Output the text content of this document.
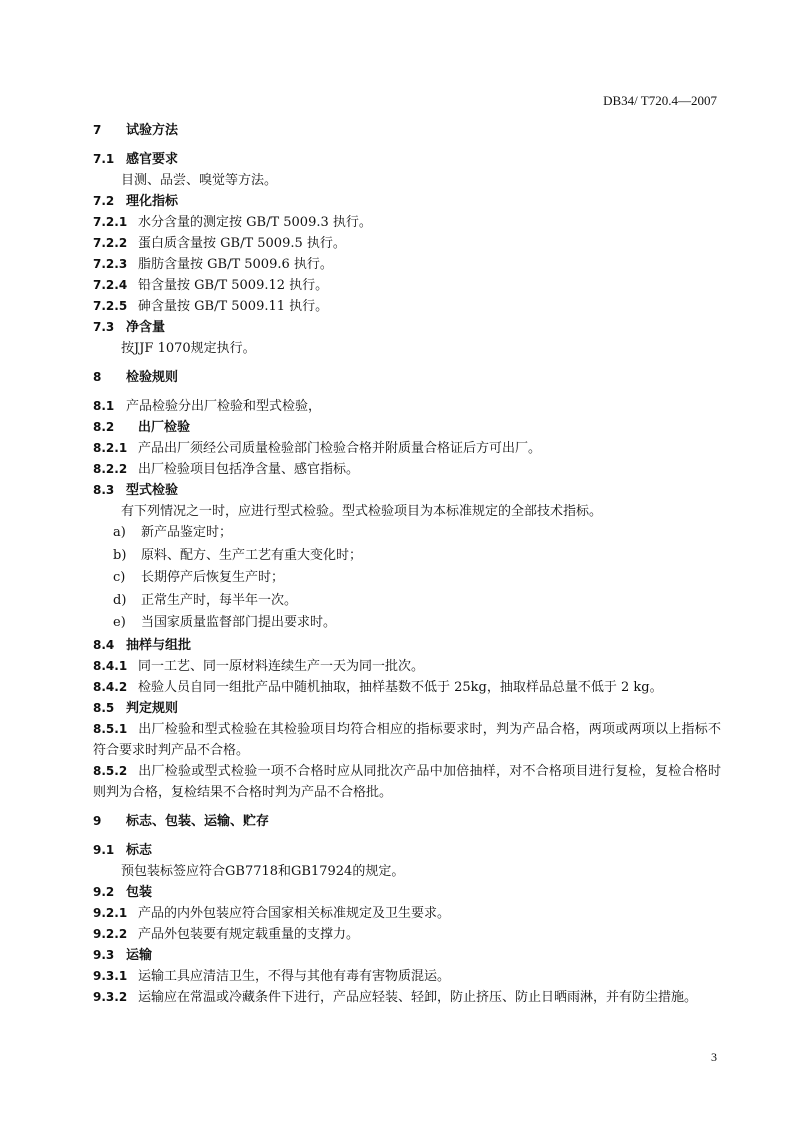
DB34/ T720.4—2007
7 试验方法
7.1 感官要求
目测、品尝、嗅觉等方法。
7.2 理化指标
7.2.1 水分含量的测定按 GB/T 5009.3 执行。
7.2.2 蛋白质含量按 GB/T 5009.5 执行。
7.2.3 脂肪含量按 GB/T 5009.6 执行。
7.2.4 铅含量按 GB/T 5009.12 执行。
7.2.5 砷含量按 GB/T 5009.11 执行。
7.3 净含量
按JJF 1070规定执行。
8 检验规则
8.1 产品检验分出厂检验和型式检验，
8.2 出厂检验
8.2.1 产品出厂须经公司质量检验部门检验合格并附质量合格证后方可出厂。
8.2.2 出厂检验项目包括净含量、感官指标。
8.3 型式检验
有下列情况之一时，应进行型式检验。型式检验项目为本标准规定的全部技术指标。
a) 新产品鉴定时；
b) 原料、配方、生产工艺有重大变化时；
c) 长期停产后恢复生产时；
d) 正常生产时，每半年一次。
e) 当国家质量监督部门提出要求时。
8.4 抽样与组批
8.4.1 同一工艺、同一原材料连续生产一天为同一批次。
8.4.2 检验人员自同一组批产品中随机抽取，抽样基数不低于 25kg，抽取样品总量不低于 2 kg。
8.5 判定规则
8.5.1 出厂检验和型式检验在其检验项目均符合相应的指标要求时，判为产品合格，两项或两项以上指标不符合要求时判产品不合格。
8.5.2 出厂检验或型式检验一项不合格时应从同批次产品中加倍抽样，对不合格项目进行复检，复检合格时则判为合格，复检结果不合格时判为产品不合格批。
9 标志、包装、运输、贮存
9.1 标志
预包装标签应符合GB7718和GB17924的规定。
9.2 包装
9.2.1 产品的内外包装应符合国家相关标准规定及卫生要求。
9.2.2 产品外包装要有规定载重量的支撑力。
9.3 运输
9.3.1 运输工具应清洁卫生，不得与其他有毒有害物质混运。
9.3.2 运输应在常温或冷藏条件下进行，产品应轻装、轻卸，防止挤压、防止日晒雨淋，并有防尘措施。
3
